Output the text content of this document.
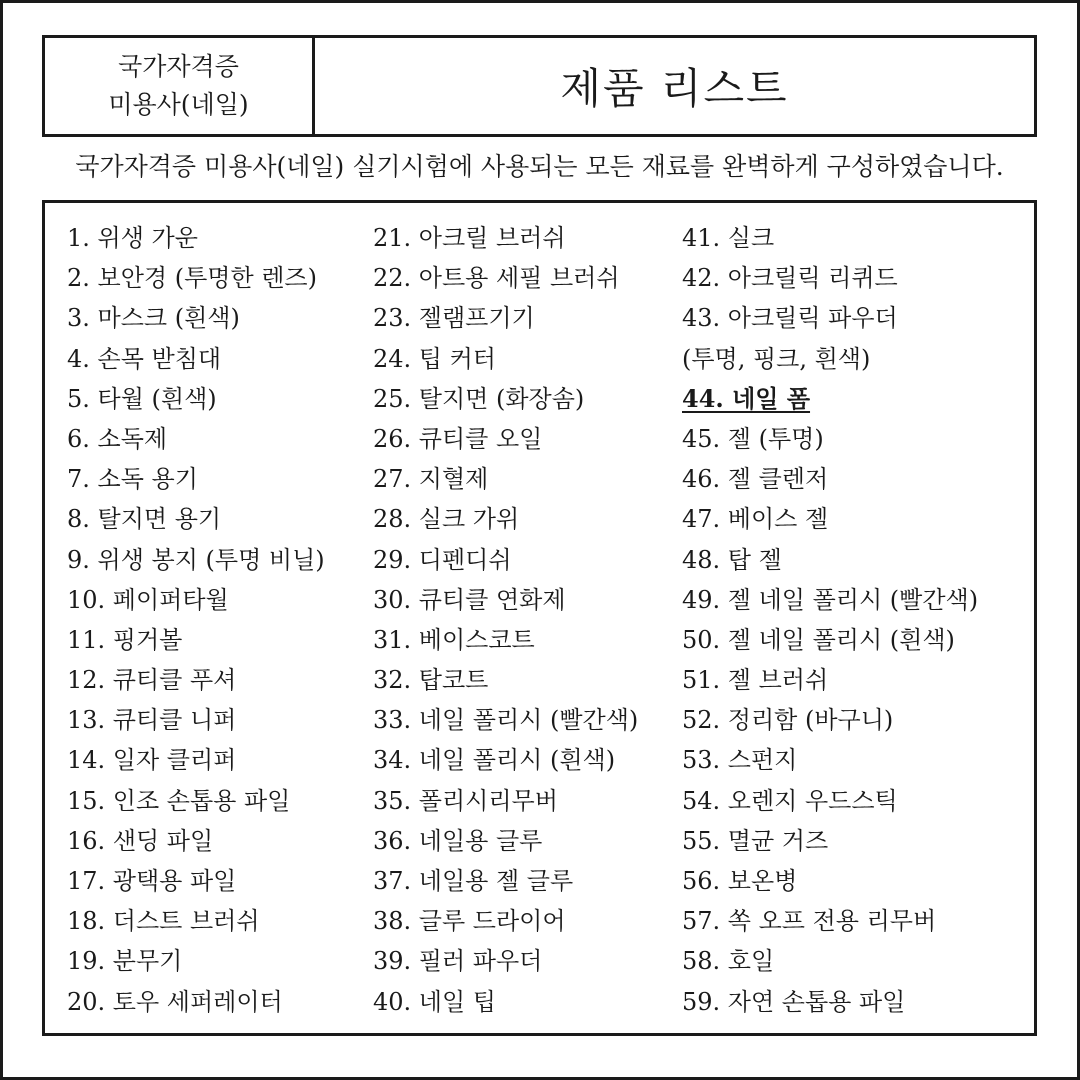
국가자격증
미용사(네일)	제품 리스트
국가자격증 미용사(네일) 실기시험에 사용되는 모든 재료를 완벽하게 구성하였습니다.
1. 위생 가운
2. 보안경 (투명한 렌즈)
3. 마스크 (흰색)
4. 손목 받침대
5. 타월 (흰색)
6. 소독제
7. 소독 용기
8. 탈지면 용기
9. 위생 봉지 (투명 비닐)
10. 페이퍼타월
11. 핑거볼
12. 큐티클 푸셔
13. 큐티클 니퍼
14. 일자 클리퍼
15. 인조 손톱용 파일
16. 샌딩 파일
17. 광택용 파일
18. 더스트 브러쉬
19. 분무기
20. 토우 세퍼레이터
21. 아크릴 브러쉬
22. 아트용 세필 브러쉬
23. 젤램프기기
24. 팁 커터
25. 탈지면 (화장솜)
26. 큐티클 오일
27. 지혈제
28. 실크 가위
29. 디펜디쉬
30. 큐티클 연화제
31. 베이스코트
32. 탑코트
33. 네일 폴리시 (빨간색)
34. 네일 폴리시 (흰색)
35. 폴리시리무버
36. 네일용 글루
37. 네일용 젤 글루
38. 글루 드라이어
39. 필러 파우더
40. 네일 팁
41. 실크
42. 아크릴릭 리퀴드
43. 아크릴릭 파우더
(투명, 핑크, 흰색)
44. 네일 폼
45. 젤 (투명)
46. 젤 클렌저
47. 베이스 젤
48. 탑 젤
49. 젤 네일 폴리시 (빨간색)
50. 젤 네일 폴리시 (흰색)
51. 젤 브러쉬
52. 정리함 (바구니)
53. 스펀지
54. 오렌지 우드스틱
55. 멸균 거즈
56. 보온병
57. 쏙 오프 전용 리무버
58. 호일
59. 자연 손톱용 파일
